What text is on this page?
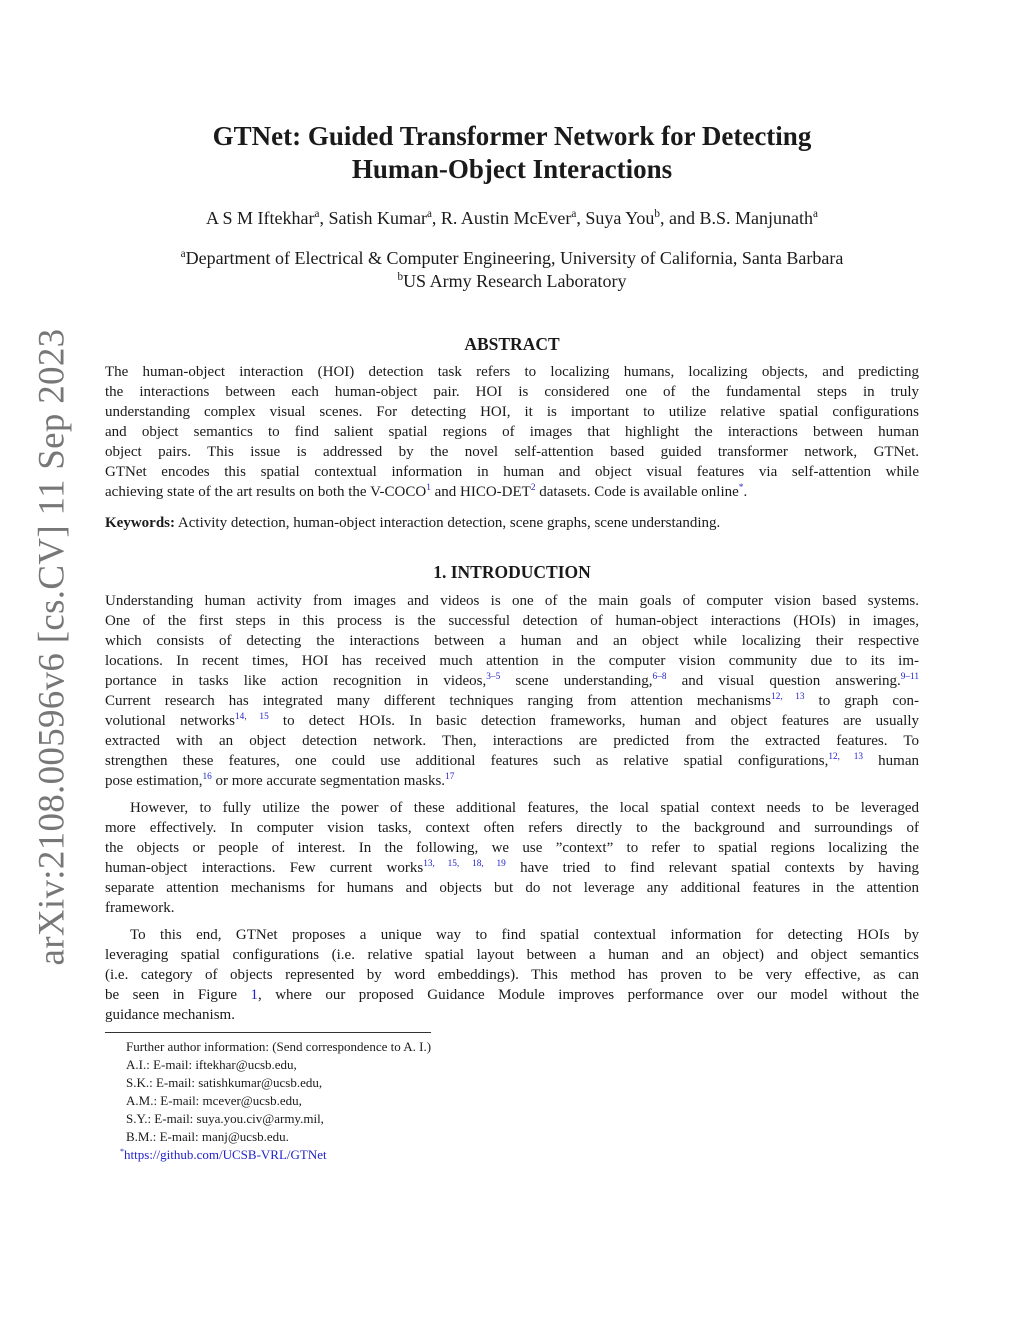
arXiv:2108.00596v6 [cs.CV] 11 Sep 2023
GTNet: Guided Transformer Network for Detecting
Human-Object Interactions
A S M Iftekhar$^a$, Satish Kumar$^a$, R. Austin McEver$^a$, Suya You$^b$, and B.S. Manjunath$^a$
$^a$Department of Electrical & Computer Engineering, University of California, Santa Barbara
$^b$US Army Research Laboratory
ABSTRACT
The human-object interaction (HOI) detection task refers to localizing humans, localizing objects, and predicting
the interactions between each human-object pair. HOI is considered one of the fundamental steps in truly
understanding complex visual scenes. For detecting HOI, it is important to utilize relative spatial configurations
and object semantics to find salient spatial regions of images that highlight the interactions between human
object pairs. This issue is addressed by the novel self-attention based guided transformer network, GTNet.
GTNet encodes this spatial contextual information in human and object visual features via self-attention while
achieving state of the art results on both the V-COCO$^1$ and HICO-DET$^2$ datasets. Code is available online*.
Keywords: Activity detection, human-object interaction detection, scene graphs, scene understanding.
1. INTRODUCTION
Understanding human activity from images and videos is one of the main goals of computer vision based systems.
One of the first steps in this process is the successful detection of human-object interactions (HOIs) in images,
which consists of detecting the interactions between a human and an object while localizing their respective
locations. In recent times, HOI has received much attention in the computer vision community due to its im-
portance in tasks like action recognition in videos,$^{3-5}$ scene understanding,$^{6-8}$ and visual question answering.$^{9-11}$
Current research has integrated many different techniques ranging from attention mechanisms$^{12, 13}$ to graph con-
volutional networks$^{14, 15}$ to detect HOIs. In basic detection frameworks, human and object features are usually
extracted with an object detection network. Then, interactions are predicted from the extracted features. To
strengthen these features, one could use additional features such as relative spatial configurations,$^{12, 13}$ human
pose estimation,$^{16}$ or more accurate segmentation masks.$^{17}$
However, to fully utilize the power of these additional features, the local spatial context needs to be leveraged
more effectively. In computer vision tasks, context often refers directly to the background and surroundings of
the objects or people of interest. In the following, we use ”context” to refer to spatial regions localizing the
human-object interactions. Few current works$^{13, 15, 18, 19}$ have tried to find relevant spatial contexts by having
separate attention mechanisms for humans and objects but do not leverage any additional features in the attention
framework.
To this end, GTNet proposes a unique way to find spatial contextual information for detecting HOIs by
leveraging spatial configurations (i.e. relative spatial layout between a human and an object) and object semantics
(i.e. category of objects represented by word embeddings). This method has proven to be very effective, as can
be seen in Figure 1, where our proposed Guidance Module improves performance over our model without the
guidance mechanism.
Further author information: (Send correspondence to A. I.)
A.I.: E-mail: iftekhar@ucsb.edu,
S.K.: E-mail: satishkumar@ucsb.edu,
A.M.: E-mail: mcever@ucsb.edu,
S.Y.: E-mail: suya.you.civ@army.mil,
B.M.: E-mail: manj@ucsb.edu.
*https://github.com/UCSB-VRL/GTNet
